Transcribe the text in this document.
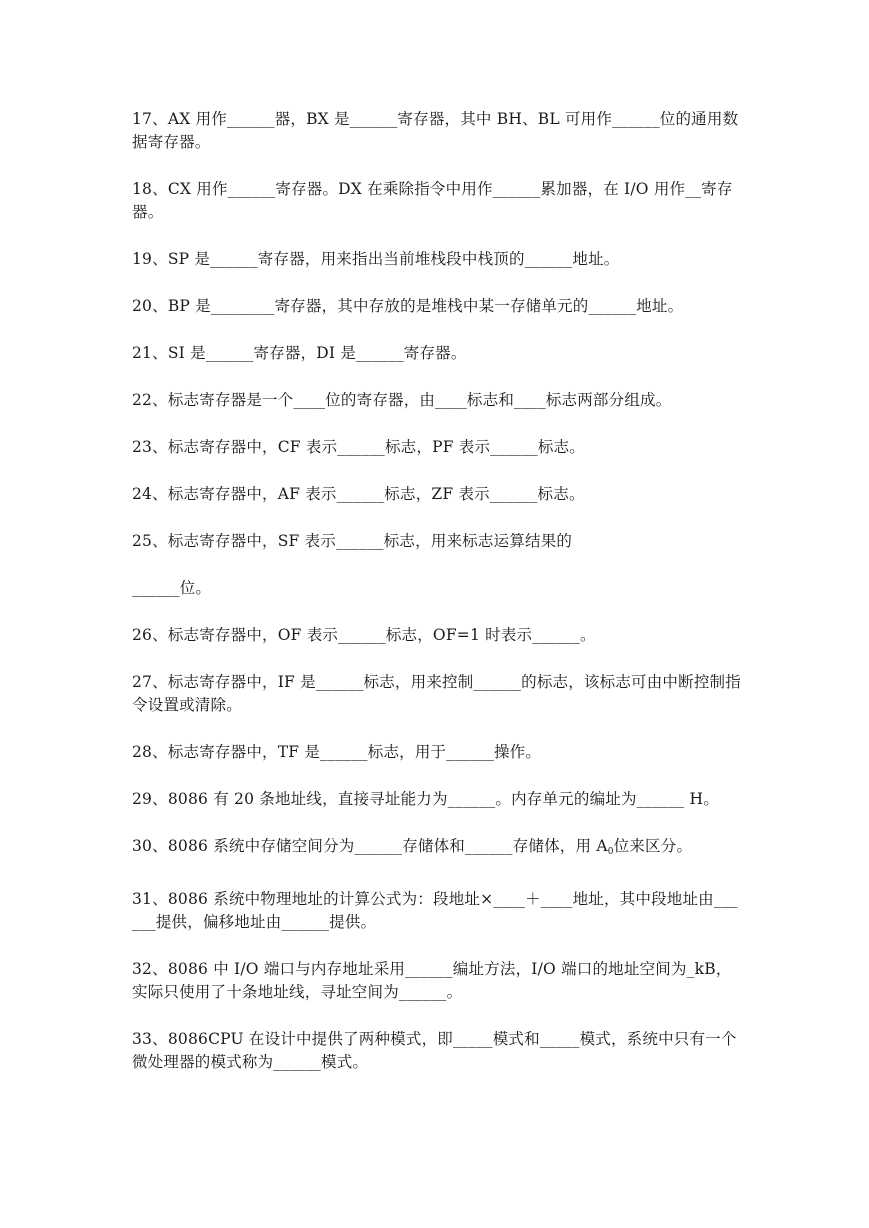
17、AX 用作______器，BX 是______寄存器，其中 BH、BL 可用作______位的通用数据寄存器。

18、CX 用作______寄存器。DX 在乘除指令中用作______累加器，在 I/O 用作__寄存器。

19、SP 是______寄存器，用来指出当前堆栈段中栈顶的______地址。

20、BP 是________寄存器，其中存放的是堆栈中某一存储单元的______地址。

21、SI 是______寄存器，DI 是______寄存器。

22、标志寄存器是一个____位的寄存器，由____标志和____标志两部分组成。

23、标志寄存器中，CF 表示______标志，PF 表示______标志。

24、标志寄存器中，AF 表示______标志，ZF 表示______标志。

25、标志寄存器中，SF 表示______标志，用来标志运算结果的

______位。

26、标志寄存器中，OF 表示______标志，OF=1 时表示______。

27、标志寄存器中，IF 是______标志，用来控制______的标志，该标志可由中断控制指令设置或清除。

28、标志寄存器中，TF 是______标志，用于______操作。

29、8086 有 20 条地址线，直接寻址能力为______。内存单元的编址为______ H。

30、8086 系统中存储空间分为______存储体和______存储体，用 $A_0$位来区分。

31、8086 系统中物理地址的计算公式为：段地址×____＋____地址，其中段地址由______提供，偏移地址由______提供。

32、8086 中 I/O 端口与内存地址采用______编址方法，I/O 端口的地址空间为_kB，实际只使用了十条地址线，寻址空间为______。

33、8086CPU 在设计中提供了两种模式，即_____模式和_____模式，系统中只有一个微处理器的模式称为______模式。
